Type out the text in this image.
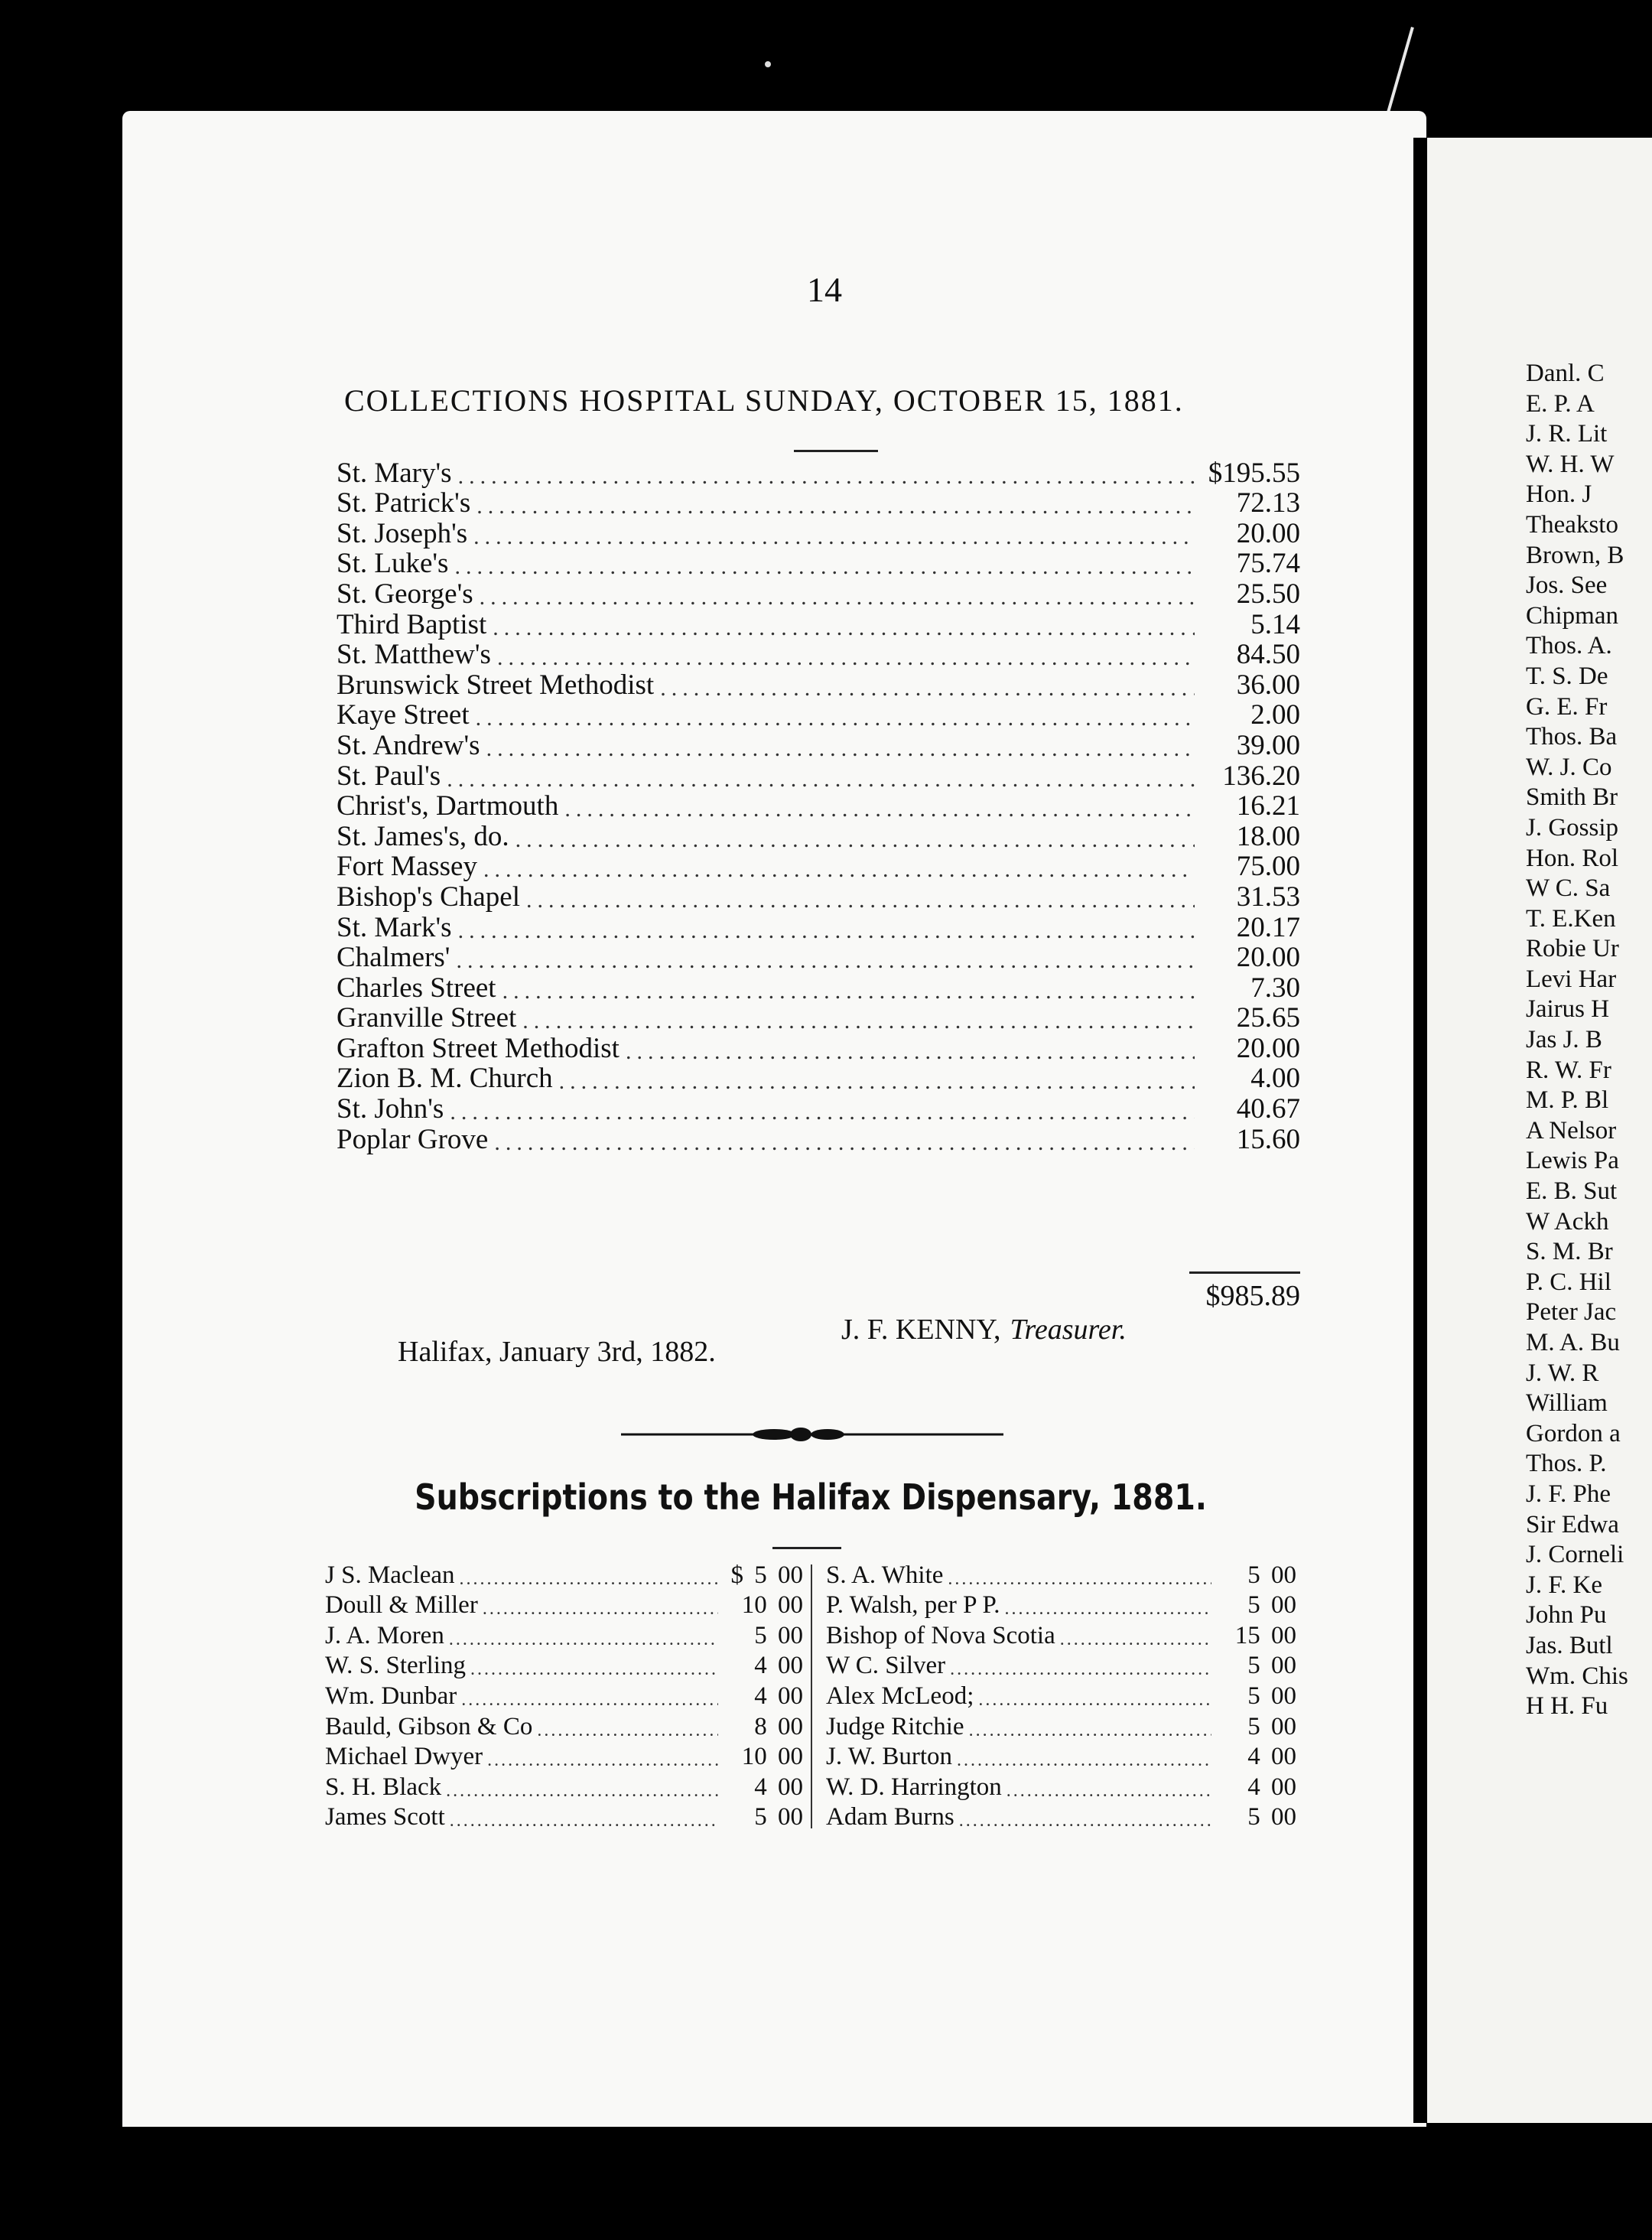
14
COLLECTIONS HOSPITAL SUNDAY, OCTOBER 15, 1881.
St. Mary's .....	$195.55
St. Patrick's .....	72.13
St. Joseph's .....	20.00
St. Luke's .....	75.74
St. George's .....	25.50
Third Baptist .....	5.14
St. Matthew's .....	84.50
Brunswick Street Methodist .....	36.00
Kaye Street .....	2.00
St. Andrew's .....	39.00
St. Paul's .....	136.20
Christ's, Dartmouth .....	16.21
St. James's, do. .....	18.00
Fort Massey .....	75.00
Bishop's Chapel .....	31.53
St. Mark's .....	20.17
Chalmers' .....	20.00
Charles Street .....	7.30
Granville Street .....	25.65
Grafton Street Methodist .....	20.00
Zion B. M. Church .....	4.00
St. John's .....	40.67
Poplar Grove .....	15.60
$985.89
J. F. KENNY, Treasurer.
Halifax, January 3rd, 1882.
Subscriptions to the Halifax Dispensary, 1881.
J S. Maclean .....	$ 5 00
Doull & Miller .....	10 00
J. A. Moren .....	5 00
W. S. Sterling .....	4 00
Wm. Dunbar .....	4 00
Bauld, Gibson & Co .....	8 00
Michael Dwyer .....	10 00
S. H. Black .....	4 00
James Scott .....	5 00
S. A. White .....	5 00
P. Walsh, per P P. .....	5 00
Bishop of Nova Scotia .....	15 00
W C. Silver .....	5 00
Alex McLeod; .....	5 00
Judge Ritchie .....	5 00
J. W. Burton .....	4 00
W. D. Harrington .....	4 00
Adam Burns .....	5 00
Danl. C
E. P. A
J. R. Lit
W. H. W
Hon. J
Theaksto
Brown, B
Jos. See
Chipman
Thos. A.
T. S. De
G. E. Fr
Thos. Ba
W. J. Co
Smith Br
J. Gossip
Hon. Rol
W C. Sa
T. E.Ken
Robie Ur
Levi Har
Jairus H
Jas J. B
R. W. Fr
M. P. Bl
A Nelsor
Lewis Pa
E. B. Sut
W Ackh
S. M. Br
P. C. Hil
Peter Jac
M. A. Bu
J. W. R
William
Gordon a
Thos. P.
J. F. Phe
Sir Edwa
J. Corneli
J. F. Ke
John Pu
Jas. Butl
Wm. Chis
H H. Fu
